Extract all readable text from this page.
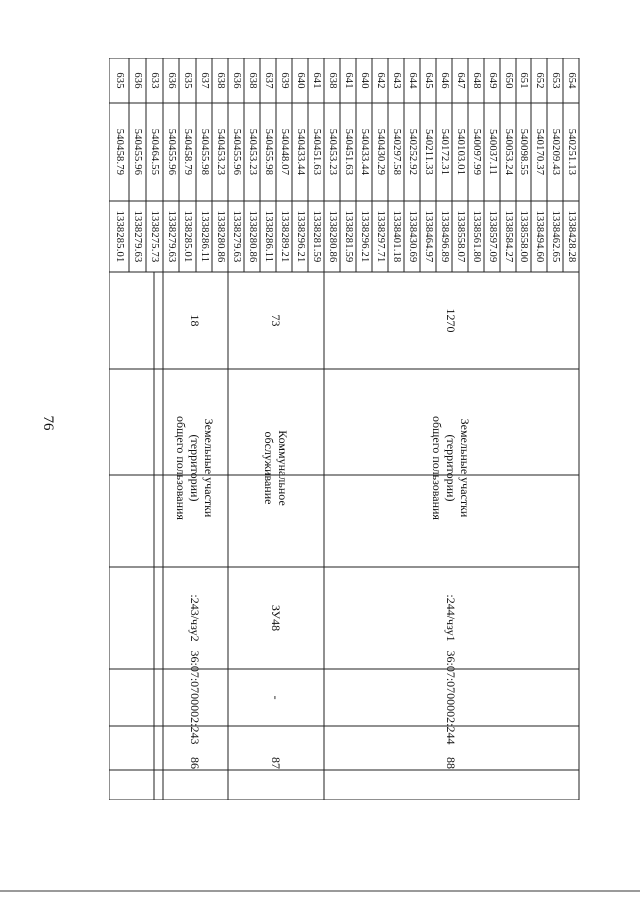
76
635
540458.79
1338285.01
636
540455.96
1338279.63
633
540464.55
1338275.73
636
540455.96
1338279.63
635
540458.79
1338285.01
637
540455.98
1338286.11
638
540453.23
1338280.86
636
540455.96
1338279.63
638
540453.23
1338280.86
637
540455.98
1338286.11
639
540448.07
1338289.21
640
540433.44
1338296.21
641
540451.63
1338281.59
638
540453.23
1338280.86
641
540451.63
1338281.59
640
540433.44
1338296.21
642
540430.29
1338297.71
643
540297.58
1338401.18
644
540252.92
1338430.69
645
540211.33
1338464.97
646
540172.31
1338496.89
647
540103.01
1338558.07
648
540097.99
1338561.80
649
540037.11
1338597.09
650
540053.24
1338584.27
651
540098.55
1338558.00
652
540170.37
1338494.60
653
540209.43
1338462.65
654
540251.13
1338428.28
18
Земельные участки
(территории)
общего пользования
:243/чзу2
36:07:0700002:243
86
73
Коммунальное
обслуживание
ЗУ48
-
87
1270
Земельные участки
(территории)
общего пользования
:244/чзу1
36:07:0700002:244
88
